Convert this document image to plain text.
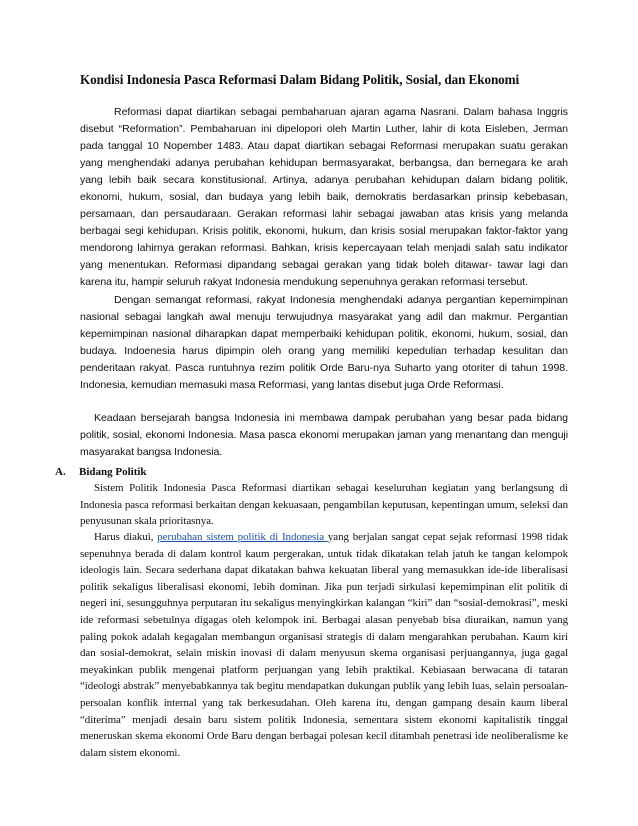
Kondisi Indonesia Pasca Reformasi Dalam Bidang Politik, Sosial, dan Ekonomi

Reformasi dapat diartikan sebagai pembaharuan ajaran agama Nasrani. Dalam bahasa Inggris disebut “Reformation”. Pembaharuan ini dipelopori oleh Martin Luther, lahir di kota Eisleben, Jerman pada tanggal 10 Nopember 1483. Atau dapat diartikan sebagai Reformasi merupakan suatu gerakan yang menghendaki adanya perubahan kehidupan bermasyarakat, berbangsa, dan bernegara ke arah yang lebih baik secara konstitusional. Artinya, adanya perubahan kehidupan dalam bidang politik, ekonomi, hukum, sosial, dan budaya yang lebih baik, demokratis berdasarkan prinsip kebebasan, persamaan, dan persaudaraan. Gerakan reformasi lahir sebagai jawaban atas krisis yang melanda berbagai segi kehidupan. Krisis politik, ekonomi, hukum, dan krisis sosial merupakan faktor-faktor yang mendorong lahirnya gerakan reformasi. Bahkan, krisis kepercayaan telah menjadi salah satu indikator yang menentukan. Reformasi dipandang sebagai gerakan yang tidak boleh ditawar- tawar lagi dan karena itu, hampir seluruh rakyat Indonesia mendukung sepenuhnya gerakan reformasi tersebut.

Dengan semangat reformasi, rakyat Indonesia menghendaki adanya pergantian kepemimpinan nasional sebagai langkah awal menuju terwujudnya masyarakat yang adil dan makmur. Pergantian kepemimpinan nasional diharapkan dapat memperbaiki kehidupan politik, ekonomi, hukum, sosial, dan budaya. Indoenesia harus dipimpin oleh orang yang memiliki kepedulian terhadap kesulitan dan penderitaan rakyat. Pasca runtuhnya rezim politik Orde Baru-nya Suharto yang otoriter di tahun 1998. Indonesia, kemudian memasuki masa Reformasi, yang lantas disebut juga Orde Reformasi.

Keadaan bersejarah bangsa Indonesia ini membawa dampak perubahan yang besar pada bidang politik, sosial, ekonomi Indonesia. Masa pasca ekonomi merupakan jaman yang menantang dan menguji masyarakat bangsa Indonesia.

A. Bidang Politik

Sistem Politik Indonesia Pasca Reformasi diartikan sebagai keseluruhan kegiatan yang berlangsung di Indonesia pasca reformasi berkaitan dengan kekuasaan, pengambilan keputusan, kepentingan umum, seleksi dan penyusunan skala prioritasnya.

Harus diakui, perubahan sistem politik di Indonesia yang berjalan sangat cepat sejak reformasi 1998 tidak sepenuhnya berada di dalam kontrol kaum pergerakan, untuk tidak dikatakan telah jatuh ke tangan kelompok ideologis lain. Secara sederhana dapat dikatakan bahwa kekuatan liberal yang memasukkan ide-ide liberalisasi politik sekaligus liberalisasi ekonomi, lebih dominan. Jika pun terjadi sirkulasi kepemimpinan elit politik di negeri ini, sesungguhnya perputaran itu sekaligus menyingkirkan kalangan “kiri” dan “sosial-demokrasi”, meski ide reformasi sebetulnya digagas oleh kelompok ini. Berbagai alasan penyebab bisa diuraikan, namun yang paling pokok adalah kegagalan membangun organisasi strategis di dalam mengarahkan perubahan. Kaum kiri dan sosial-demokrat, selain miskin inovasi di dalam menyusun skema organisasi perjuangannya, juga gagal meyakinkan publik mengenai platform perjuangan yang lebih praktikal. Kebiasaan berwacana di tataran “ideologi abstrak” menyebabkannya tak begitu mendapatkan dukungan publik yang lebih luas, selain persoalan-persoalan konflik internal yang tak berkesudahan. Oleh karena itu, dengan gampang desain kaum liberal “diterima” menjadi desain baru sistem politik Indonesia, sementara sistem ekonomi kapitalistik tinggal meneruskan skema ekonomi Orde Baru dengan berbagai polesan kecil ditambah penetrasi ide neoliberalisme ke dalam sistem ekonomi.
